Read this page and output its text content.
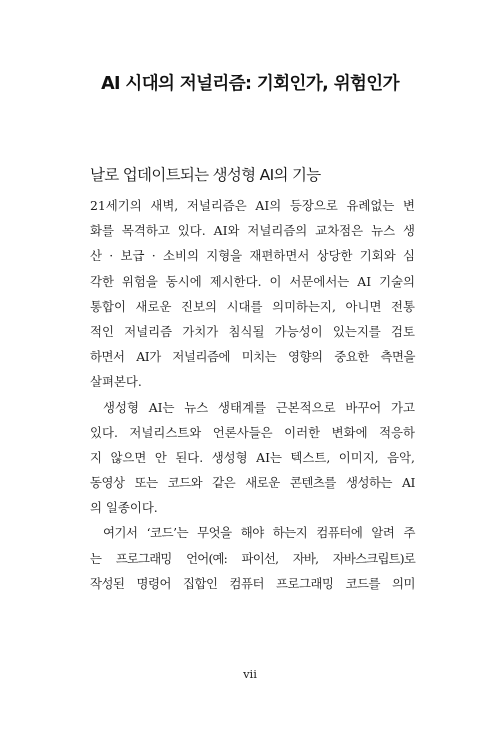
AI 시대의 저널리즘: 기회인가, 위험인가
날로 업데이트되는 생성형 AI의 기능
21세기의 새벽, 저널리즘은 AI의 등장으로 유례없는 변
화를 목격하고 있다. AI와 저널리즘의 교차점은 뉴스 생
산 · 보급 · 소비의 지형을 재편하면서 상당한 기회와 심
각한 위험을 동시에 제시한다. 이 서문에서는 AI 기술의
통합이 새로운 진보의 시대를 의미하는지, 아니면 전통
적인 저널리즘 가치가 침식될 가능성이 있는지를 검토
하면서 AI가 저널리즘에 미치는 영향의 중요한 측면을
살펴본다.
생성형 AI는 뉴스 생태계를 근본적으로 바꾸어 가고
있다. 저널리스트와 언론사들은 이러한 변화에 적응하
지 않으면 안 된다. 생성형 AI는 텍스트, 이미지, 음악,
동영상 또는 코드와 같은 새로운 콘텐츠를 생성하는 AI
의 일종이다.
여기서 ‘코드’는 무엇을 해야 하는지 컴퓨터에 알려 주
는 프로그래밍 언어(예: 파이선, 자바, 자바스크립트)로
작성된 명령어 집합인 컴퓨터 프로그래밍 코드를 의미
vii
